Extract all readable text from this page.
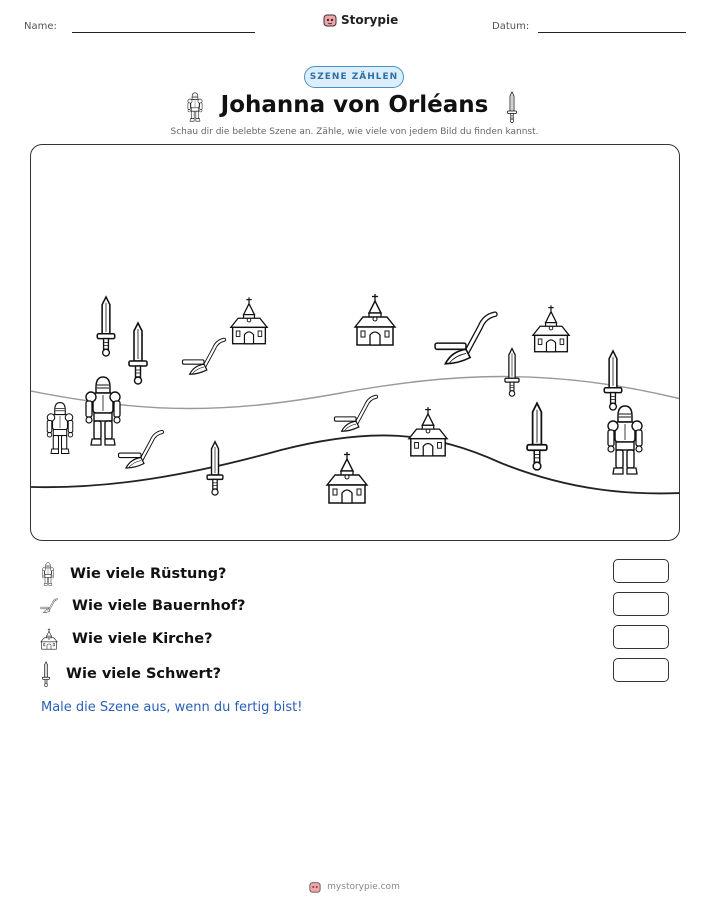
Name:	Storypie	Datum:
SZENE ZÄHLEN
Johanna von Orléans
Schau dir die belebte Szene an. Zähle, wie viele von jedem Bild du finden kannst.
Wie viele Rüstung?
Wie viele Bauernhof?
Wie viele Kirche?
Wie viele Schwert?
Male die Szene aus, wenn du fertig bist!
mystorypie.com
